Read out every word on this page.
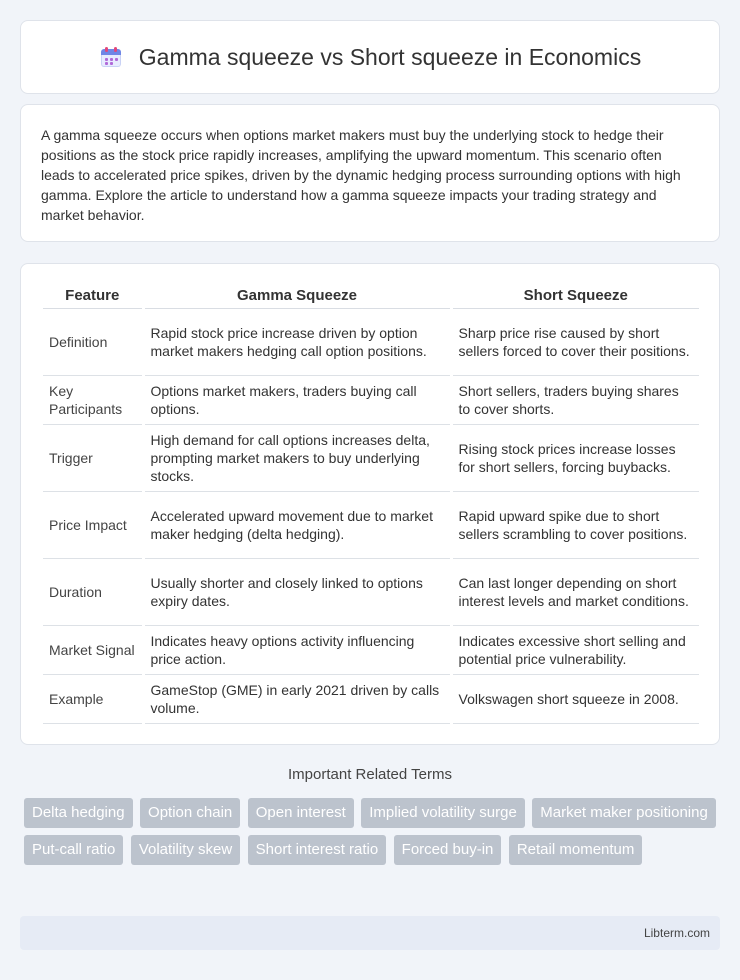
Gamma squeeze vs Short squeeze in Economics

A gamma squeeze occurs when options market makers must buy the underlying stock to hedge their positions as the stock price rapidly increases, amplifying the upward momentum. This scenario often leads to accelerated price spikes, driven by the dynamic hedging process surrounding options with high gamma. Explore the article to understand how a gamma squeeze impacts your trading strategy and market behavior.

Feature	Gamma Squeeze	Short Squeeze
Definition	Rapid stock price increase driven by option market makers hedging call option positions.	Sharp price rise caused by short sellers forced to cover their positions.
Key Participants	Options market makers, traders buying call options.	Short sellers, traders buying shares to cover shorts.
Trigger	High demand for call options increases delta, prompting market makers to buy underlying stocks.	Rising stock prices increase losses for short sellers, forcing buybacks.
Price Impact	Accelerated upward movement due to market maker hedging (delta hedging).	Rapid upward spike due to short sellers scrambling to cover positions.
Duration	Usually shorter and closely linked to options expiry dates.	Can last longer depending on short interest levels and market conditions.
Market Signal	Indicates heavy options activity influencing price action.	Indicates excessive short selling and potential price vulnerability.
Example	GameStop (GME) in early 2021 driven by calls volume.	Volkswagen short squeeze in 2008.
Important Related Terms
Delta hedging Option chain Open interest Implied volatility surge Market maker positioning Put-call ratio Volatility skew Short interest ratio Forced buy-in Retail momentum
Libterm.com
